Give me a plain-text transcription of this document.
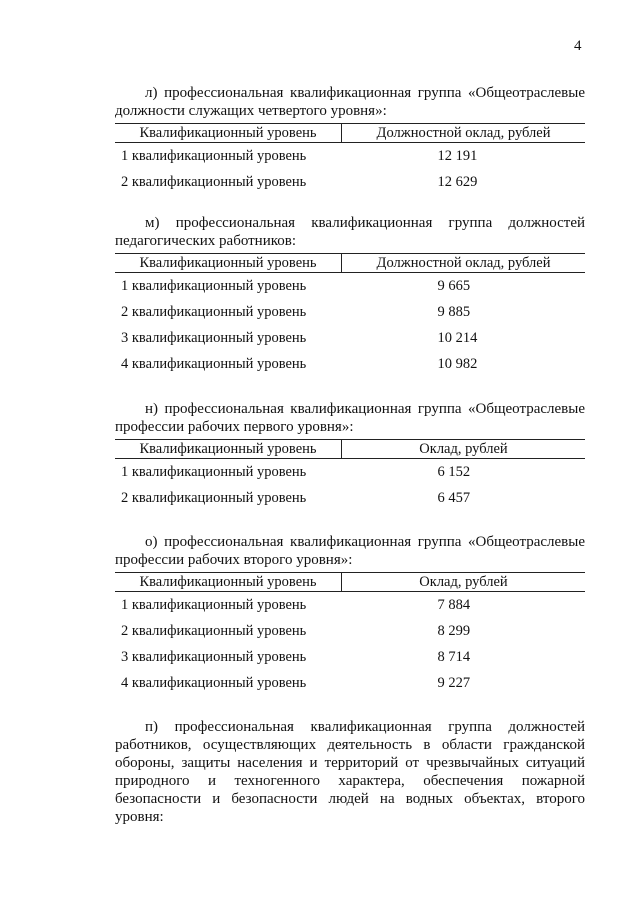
4

л) профессиональная квалификационная группа «Общеотраслевые

должности служащих четвертого уровня»:

Квалификационный уровень	Должностной оклад, рублей
1 квалификационный уровень	12 191
2 квалификационный уровень	12 629

м) профессиональная квалификационная группа должностей

педагогических работников:

Квалификационный уровень	Должностной оклад, рублей
1 квалификационный уровень	9 665
2 квалификационный уровень	9 885
3 квалификационный уровень	10 214
4 квалификационный уровень	10 982

н) профессиональная квалификационная группа «Общеотраслевые

профессии рабочих первого уровня»:

Квалификационный уровень	Оклад, рублей
1 квалификационный уровень	6 152
2 квалификационный уровень	6 457

о) профессиональная квалификационная группа «Общеотраслевые

профессии рабочих второго уровня»:

Квалификационный уровень	Оклад, рублей
1 квалификационный уровень	7 884
2 квалификационный уровень	8 299
3 квалификационный уровень	8 714
4 квалификационный уровень	9 227

п) профессиональная квалификационная группа должностей

работников, осуществляющих деятельность в области гражданской

обороны, защиты населения и территорий от чрезвычайных ситуаций

природного и техногенного характера, обеспечения пожарной

безопасности и безопасности людей на водных объектах, второго

уровня:
